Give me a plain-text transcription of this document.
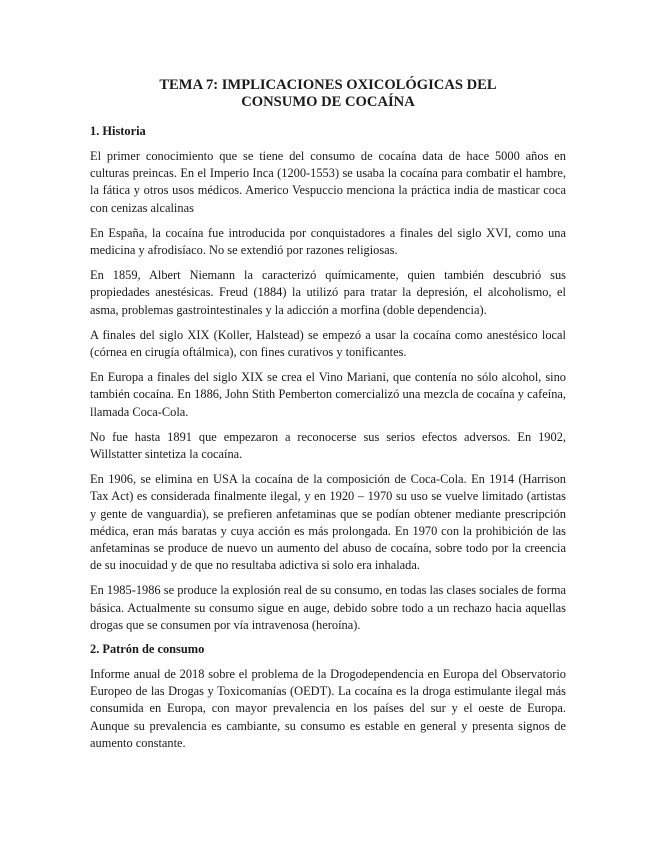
TEMA 7: IMPLICACIONES OXICOLÓGICAS DEL
CONSUMO DE COCAÍNA
1. Historia

El primer conocimiento que se tiene del consumo de cocaína data de hace 5000 años en culturas preincas. En el Imperio Inca (1200-1553) se usaba la cocaína para combatir el hambre, la fática y otros usos médicos. Americo Vespuccio menciona la práctica india de masticar coca con cenizas alcalinas

En España, la cocaína fue introducida por conquistadores a finales del siglo XVI, como una medicina y afrodisíaco. No se extendió por razones religiosas.

En 1859, Albert Niemann la caracterizó químicamente, quien también descubrió sus propiedades anestésicas. Freud (1884) la utilizó para tratar la depresión, el alcoholismo, el asma, problemas gastrointestinales y la adicción a morfina (doble dependencia).

A finales del siglo XIX (Koller, Halstead) se empezó a usar la cocaína como anestésico local (córnea en cirugía oftálmica), con fines curativos y tonificantes.

En Europa a finales del siglo XIX se crea el Vino Mariani, que contenía no sólo alcohol, sino también cocaína. En 1886, John Stith Pemberton comercializó una mezcla de cocaína y cafeína, llamada Coca-Cola.

No fue hasta 1891 que empezaron a reconocerse sus serios efectos adversos. En 1902, Willstatter sintetiza la cocaína.

En 1906, se elimina en USA la cocaína de la composición de Coca-Cola. En 1914 (Harrison Tax Act) es considerada finalmente ilegal, y en 1920 – 1970 su uso se vuelve limitado (artistas y gente de vanguardia), se prefieren anfetaminas que se podían obtener mediante prescripción médica, eran más baratas y cuya acción es más prolongada. En 1970 con la prohibición de las anfetaminas se produce de nuevo un aumento del abuso de cocaína, sobre todo por la creencia de su inocuidad y de que no resultaba adictiva si solo era inhalada.

En 1985-1986 se produce la explosión real de su consumo, en todas las clases sociales de forma básica. Actualmente su consumo sigue en auge, debido sobre todo a un rechazo hacia aquellas drogas que se consumen por vía intravenosa (heroína).

2. Patrón de consumo

Informe anual de 2018 sobre el problema de la Drogodependencia en Europa del Observatorio Europeo de las Drogas y Toxicomanías (OEDT). La cocaína es la droga estimulante ilegal más consumida en Europa, con mayor prevalencia en los países del sur y el oeste de Europa. Aunque su prevalencia es cambiante, su consumo es estable en general y presenta signos de aumento constante.
